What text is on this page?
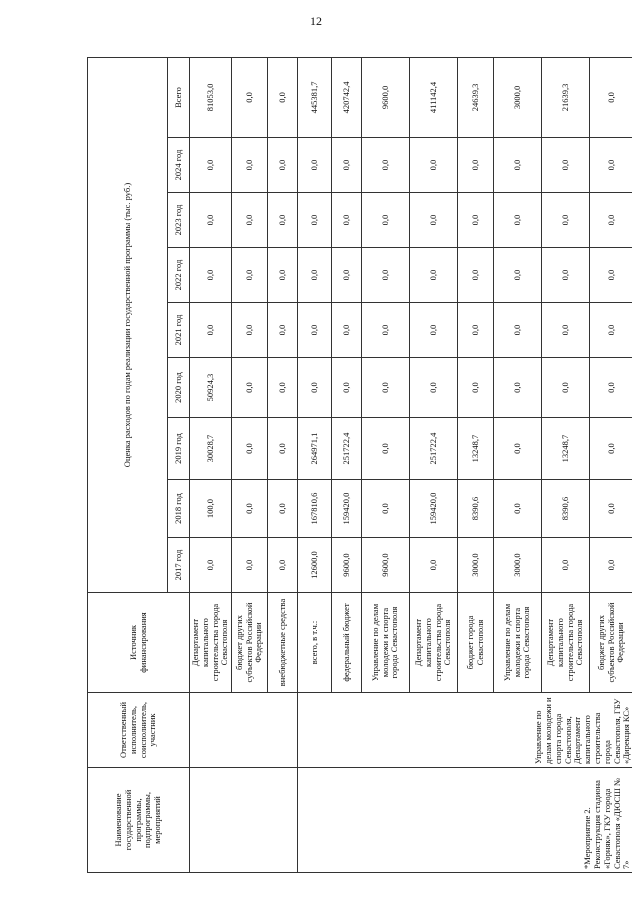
12
Наименование государственной программы, подпрограммы, мероприятий	Ответственный исполнитель, соисполнитель, участник	Источник финансирования	Оценка расходов по годам реализации государственной программы (тыс. руб.)								
			2017 год	2018 год	2019 год	2020 год	2021 год	2022 год	2023 год	2024 год	Всего
		Департамент капитального строительства города Севастополя	0,0	100,0	30028,7	50924,3	0,0	0,0	0,0	0,0	81053,0
		бюджет других субъектов Российской Федерации	0,0	0,0	0,0	0,0	0,0	0,0	0,0	0,0	0,0
		внебюджетные средства	0,0	0,0	0,0	0,0	0,0	0,0	0,0	0,0	0,0
*Мероприятие 2. Реконструкция стадиона «Горняк», ГКУ города Севастополя «ДЮСШ № 7»	Управление по делам молодежи и спорта города Севастополя, Департамент капитального строительства города Севастополя, ГБУ «Дирекция КС»	всего, в т.ч.:	12600,0	167810,6	264971,1	0,0	0,0	0,0	0,0	0,0	445381,7
		федеральный бюджет	9600,0	159420,0	251722,4	0,0	0,0	0,0	0,0	0,0	420742,4
		Управление по делам молодежи и спорта города Севастополя	9600,0	0,0	0,0	0,0	0,0	0,0	0,0	0,0	9600,0
		Департамент капитального строительства города Севастополя	0,0	159420,0	251722,4	0,0	0,0	0,0	0,0	0,0	411142,4
		бюджет города Севастополя	3000,0	8390,6	13248,7	0,0	0,0	0,0	0,0	0,0	24639,3
		Управление по делам молодежи и спорта города Севастополя	3000,0	0,0	0,0	0,0	0,0	0,0	0,0	0,0	3000,0
		Департамент капитального строительства города Севастополя	0,0	8390,6	13248,7	0,0	0,0	0,0	0,0	0,0	21639,3
		бюджет других субъектов Российской Федерации	0,0	0,0	0,0	0,0	0,0	0,0	0,0	0,0	0,0
